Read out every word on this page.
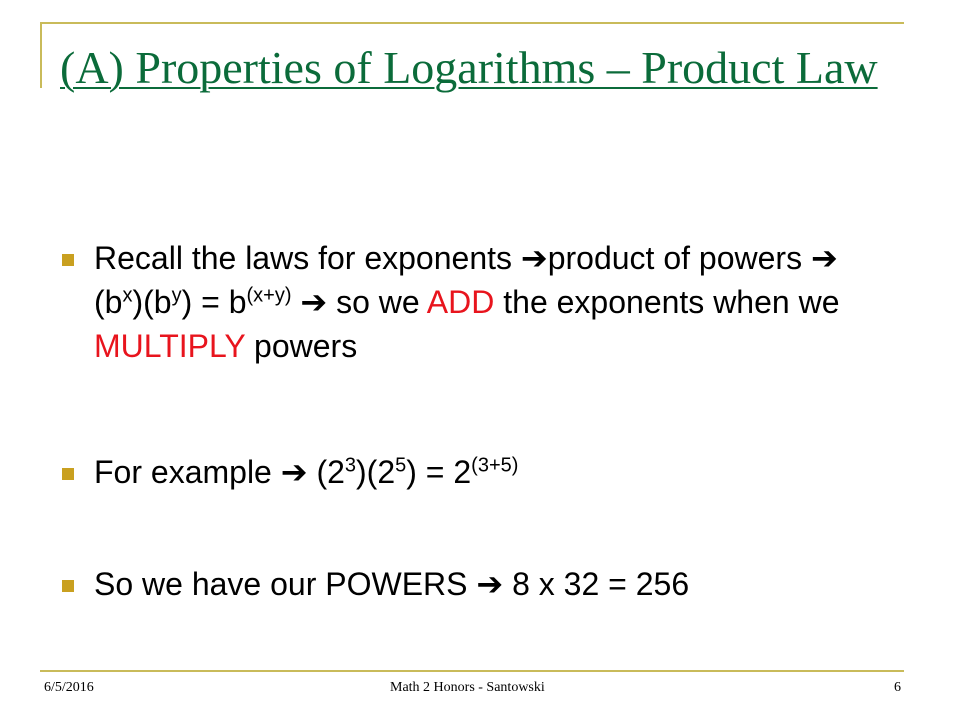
(A) Properties of Logarithms – Product Law
Recall the laws for exponents ➔product of powers ➔ $(b^x)(b^y) = b^{(x+y)}$ ➔ so we ADD the exponents when we MULTIPLY powers
For example ➔ $(2^3)(2^5) = 2^{(3+5)}$
So we have our POWERS ➔ 8 x 32 = 256
6/5/2016	Math 2 Honors - Santowski	6
